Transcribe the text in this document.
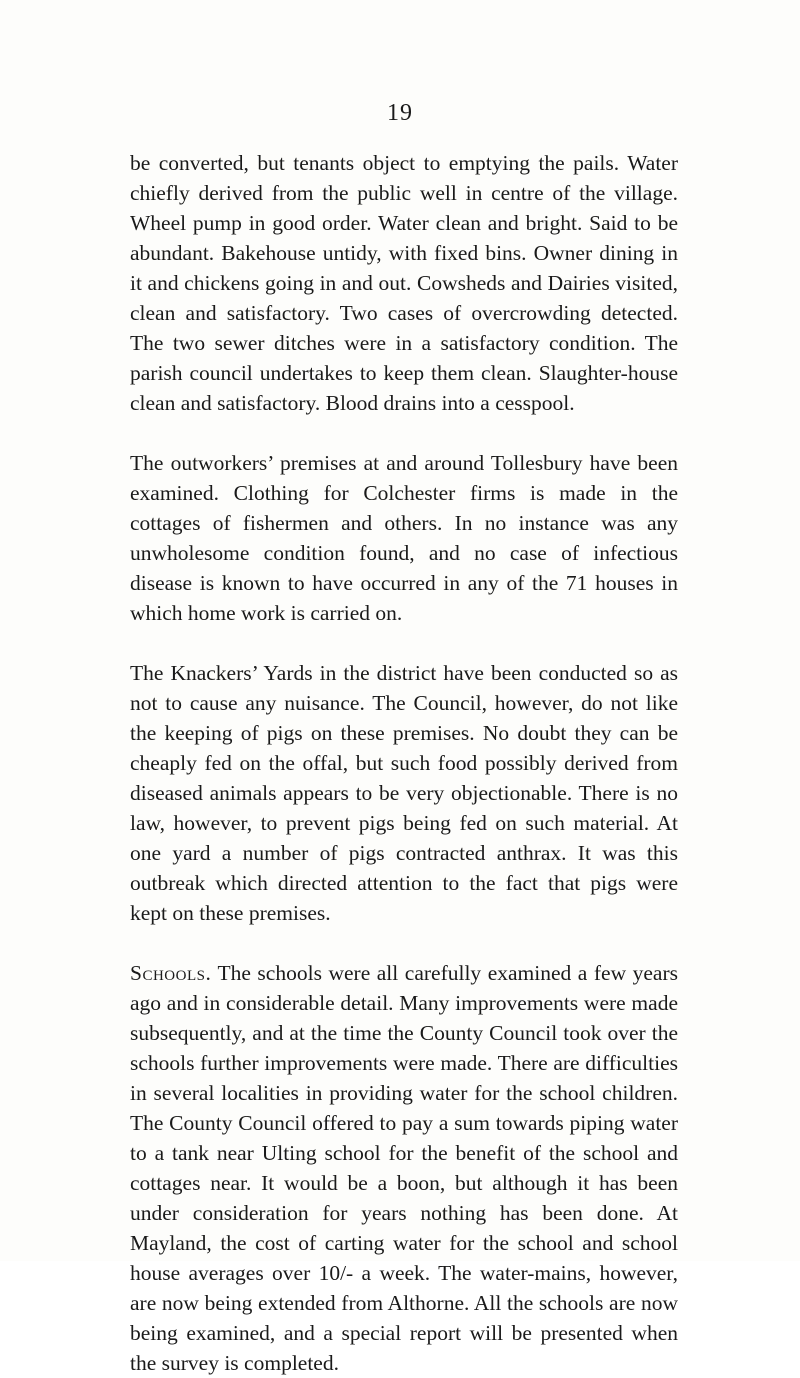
19

be converted, but tenants object to emptying the pails. Water chiefly derived from the public well in centre of the village. Wheel pump in good order. Water clean and bright. Said to be abundant. Bakehouse untidy, with fixed bins. Owner dining in it and chickens going in and out. Cowsheds and Dairies visited, clean and satisfactory. Two cases of overcrowding detected. The two sewer ditches were in a satisfactory condition. The parish council undertakes to keep them clean. Slaughter-house clean and satisfactory. Blood drains into a cesspool.

The outworkers’ premises at and around Tollesbury have been examined. Clothing for Colchester firms is made in the cottages of fishermen and others. In no instance was any unwholesome condition found, and no case of infectious disease is known to have occurred in any of the 71 houses in which home work is carried on.

The Knackers’ Yards in the district have been conducted so as not to cause any nuisance. The Council, however, do not like the keeping of pigs on these premises. No doubt they can be cheaply fed on the offal, but such food possibly derived from diseased animals appears to be very objectionable. There is no law, however, to prevent pigs being fed on such material. At one yard a number of pigs contracted anthrax. It was this outbreak which directed attention to the fact that pigs were kept on these premises.

Schools. The schools were all carefully examined a few years ago and in considerable detail. Many improvements were made subsequently, and at the time the County Council took over the schools further improvements were made. There are difficulties in several localities in providing water for the school children. The County Council offered to pay a sum towards piping water to a tank near Ulting school for the benefit of the school and cottages near. It would be a boon, but although it has been under consideration for years nothing has been done. At Mayland, the cost of carting water for the school and school house averages over 10/- a week. The water-mains, however, are now being extended from Althorne. All the schools are now being examined, and a special report will be presented when the survey is completed.
